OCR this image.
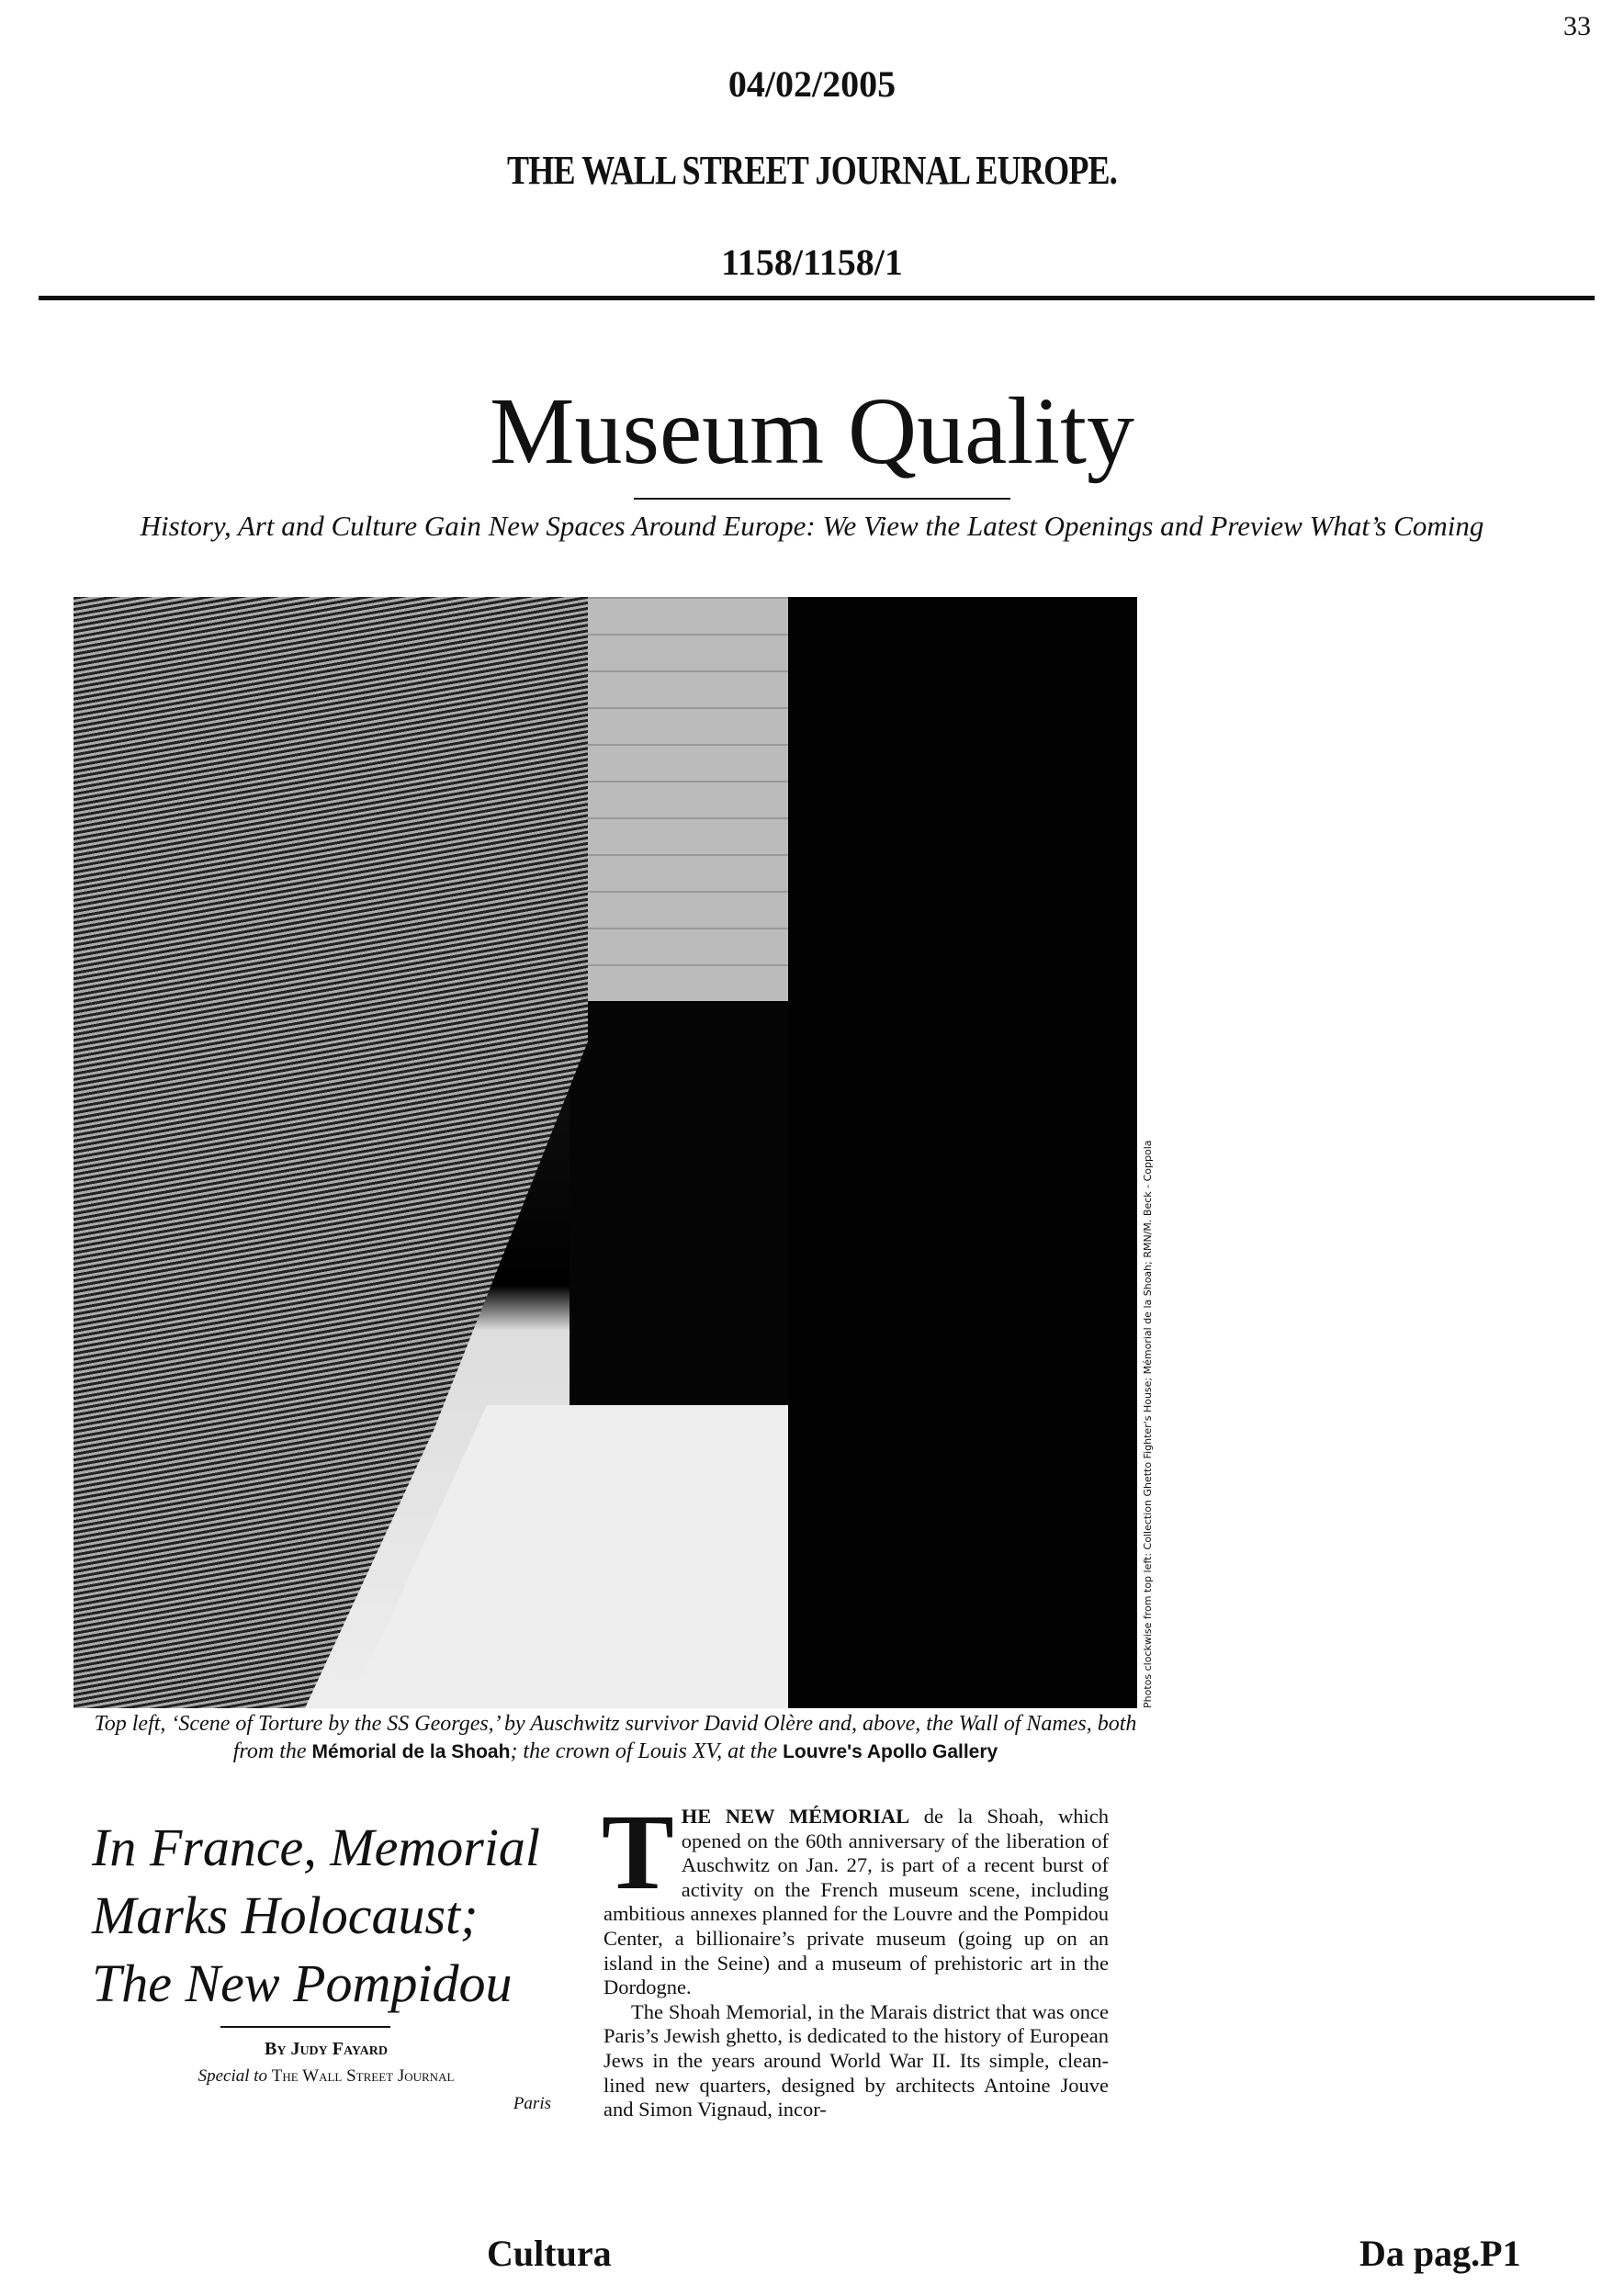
33
04/02/2005
THE WALL STREET JOURNAL EUROPE.
1158/1158/1
Museum Quality
History, Art and Culture Gain New Spaces Around Europe: We View the Latest Openings and Preview What’s Coming
Photos clockwise from top left: Collection Ghetto Fighter's House; Mémorial de la Shoah; RMN/M. Beck - Coppola
Top left, ‘Scene of Torture by the SS Georges,’ by Auschwitz survivor David Olère and, above, the Wall of Names, both from the Mémorial de la Shoah; the crown of Louis XV, at the Louvre's Apollo Gallery
In France, Memorial
Marks Holocaust;
The New Pompidou
By Judy Fayard
Special to The Wall Street Journal
Paris

THE NEW MÉMORIAL de la Shoah, which opened on the 60th anniversary of the liberation of Auschwitz on Jan. 27, is part of a recent burst of activity on the French museum scene, including ambitious annexes planned for the Louvre and the Pompidou Center, a billionaire’s private museum (going up on an island in the Seine) and a museum of prehistoric art in the Dordogne.

The Shoah Memorial, in the Marais district that was once Paris’s Jewish ghetto, is dedicated to the history of European Jews in the years around World War II. Its simple, clean-lined new quarters, designed by architects Antoine Jouve and Simon Vignaud, incor-

Cultura	Da pag.P1
